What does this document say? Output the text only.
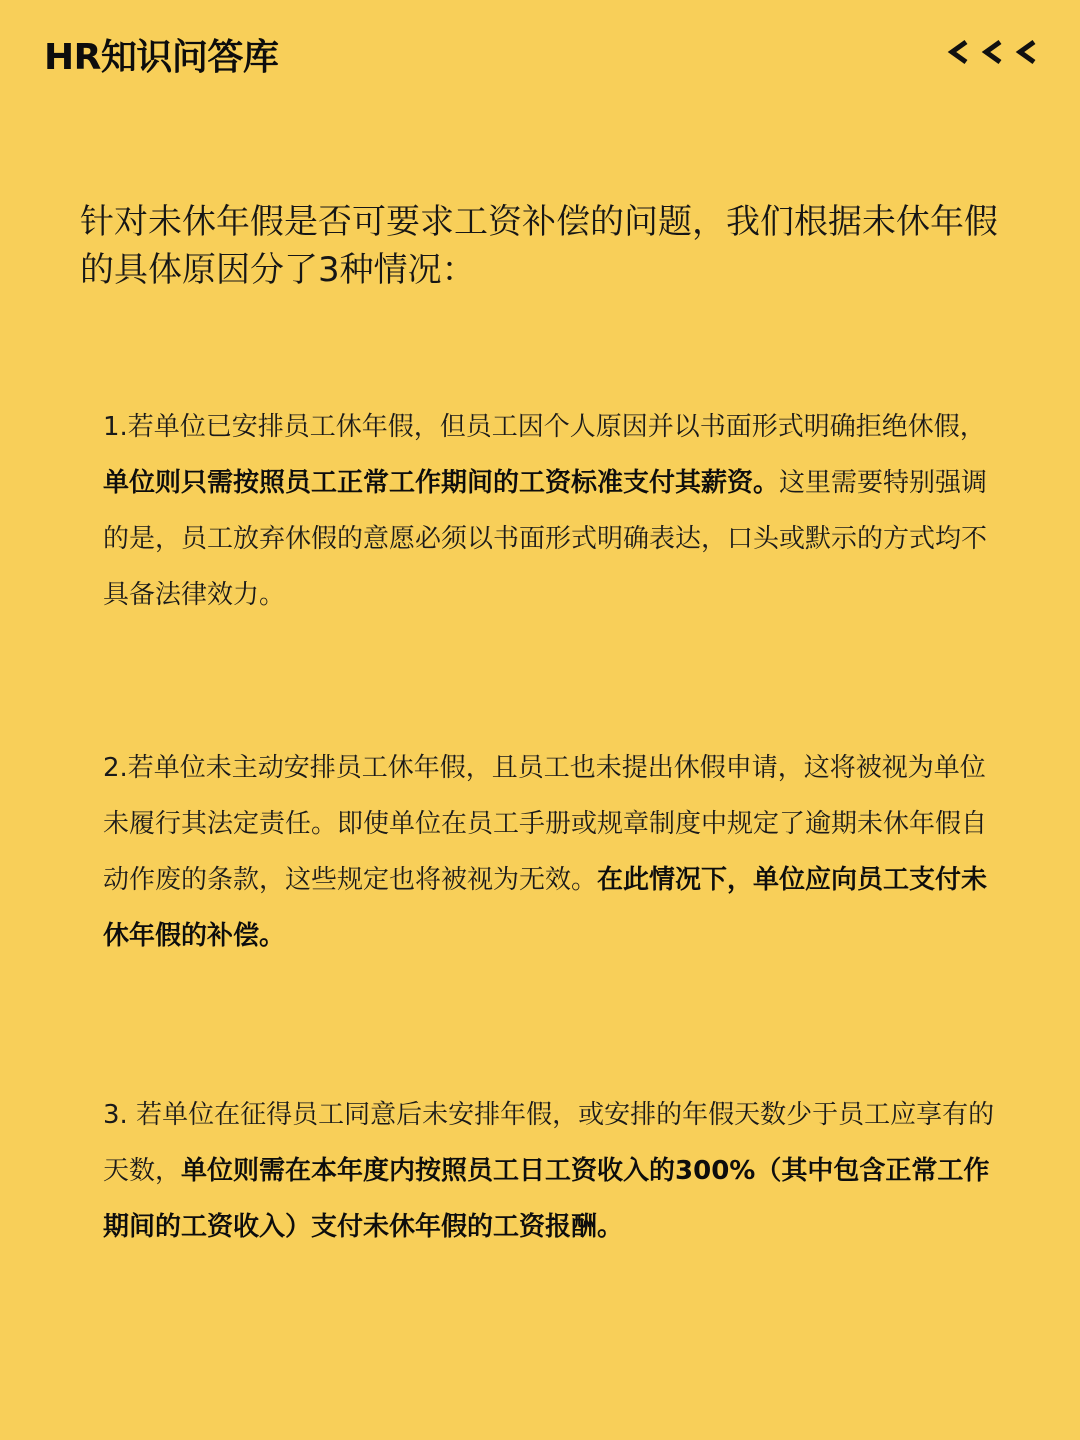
HR知识问答库

针对未休年假是否可要求工资补偿的问题，我们根据未休年假的具体原因分了3种情况：

1.若单位已安排员工休年假，但员工因个人原因并以书面形式明确拒绝休假，单位则只需按照员工正常工作期间的工资标准支付其薪资。这里需要特别强调的是，员工放弃休假的意愿必须以书面形式明确表达，口头或默示的方式均不具备法律效力。

2.若单位未主动安排员工休年假，且员工也未提出休假申请，这将被视为单位未履行其法定责任。即使单位在员工手册或规章制度中规定了逾期未休年假自动作废的条款，这些规定也将被视为无效。在此情况下，单位应向员工支付未休年假的补偿。

3. 若单位在征得员工同意后未安排年假，或安排的年假天数少于员工应享有的天数，单位则需在本年度内按照员工日工资收入的300%（其中包含正常工作期间的工资收入）支付未休年假的工资报酬。
